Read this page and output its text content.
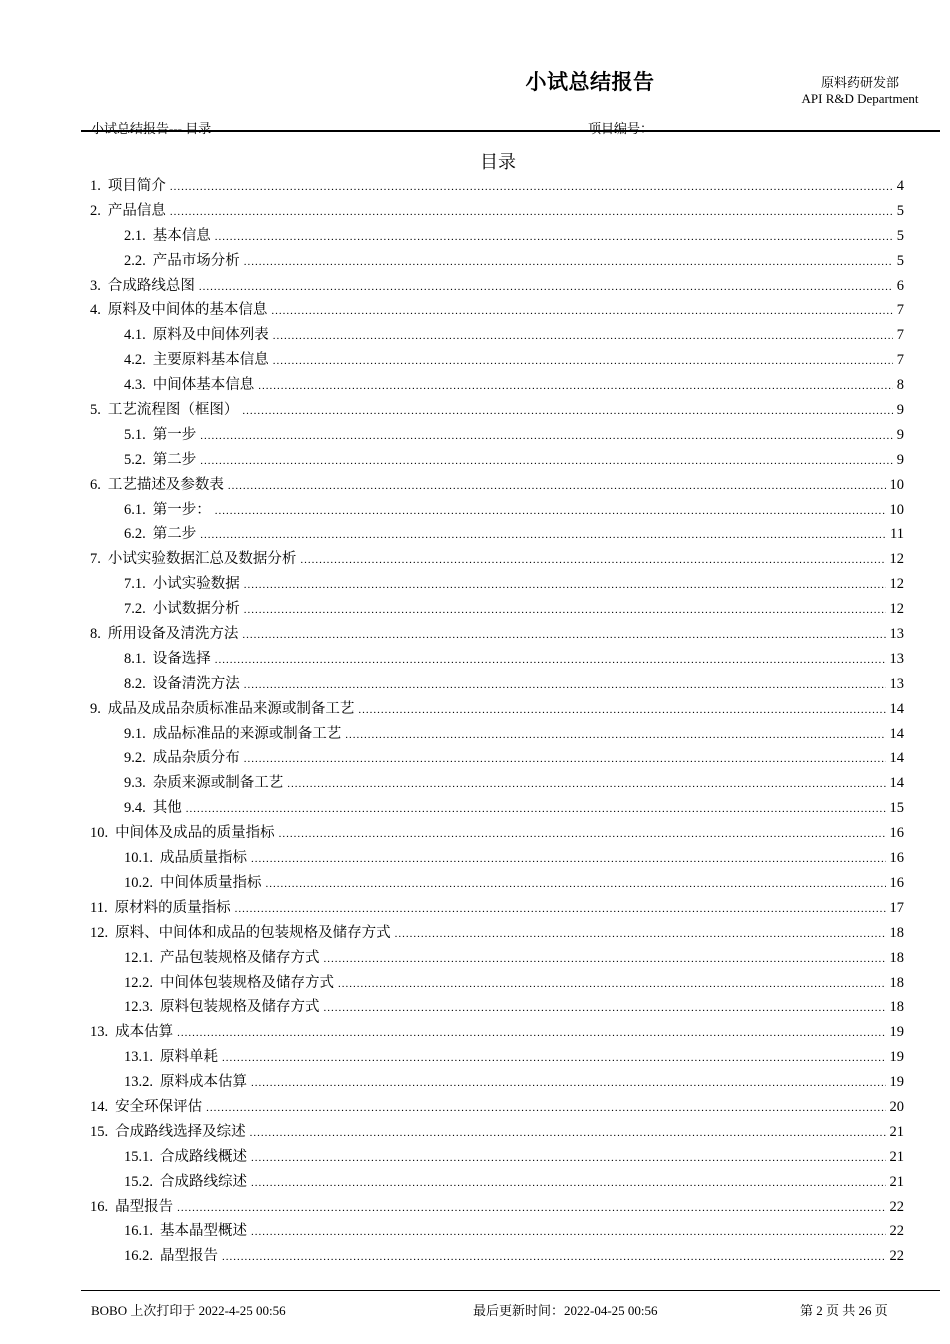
小试总结报告	原料药研发部
API R&D Department
小试总结报告--- 目录	项目编号：
目录
1. 项目简介 .....	4
2. 产品信息 .....	5
2.1. 基本信息 .....	5
2.2. 产品市场分析 .....	5
3. 合成路线总图 .....	6
4. 原料及中间体的基本信息 .....	7
4.1. 原料及中间体列表 .....	7
4.2. 主要原料基本信息 .....	7
4.3. 中间体基本信息 .....	8
5. 工艺流程图（框图） .....	9
5.1. 第一步 .....	9
5.2. 第二步 .....	9
6. 工艺描述及参数表 .....	10
6.1. 第一步： .....	10
6.2. 第二步 .....	11
7. 小试实验数据汇总及数据分析 .....	12
7.1. 小试实验数据 .....	12
7.2. 小试数据分析 .....	12
8. 所用设备及清洗方法 .....	13
8.1. 设备选择 .....	13
8.2. 设备清洗方法 .....	13
9. 成品及成品杂质标准品来源或制备工艺 .....	14
9.1. 成品标准品的来源或制备工艺 .....	14
9.2. 成品杂质分布 .....	14
9.3. 杂质来源或制备工艺 .....	14
9.4. 其他 .....	15
10. 中间体及成品的质量指标 .....	16
10.1. 成品质量指标 .....	16
10.2. 中间体质量指标 .....	16
11. 原材料的质量指标 .....	17
12. 原料、中间体和成品的包装规格及储存方式 .....	18
12.1. 产品包装规格及储存方式 .....	18
12.2. 中间体包装规格及储存方式 .....	18
12.3. 原料包装规格及储存方式 .....	18
13. 成本估算 .....	19
13.1. 原料单耗 .....	19
13.2. 原料成本估算 .....	19
14. 安全环保评估 .....	20
15. 合成路线选择及综述 .....	21
15.1. 合成路线概述 .....	21
15.2. 合成路线综述 .....	21
16. 晶型报告 .....	22
16.1. 基本晶型概述 .....	22
16.2. 晶型报告 .....	22
BOBO 上次打印于 2022-4-25 00:56	最后更新时间：2022-04-25 00:56	第 2 页 共 26 页
